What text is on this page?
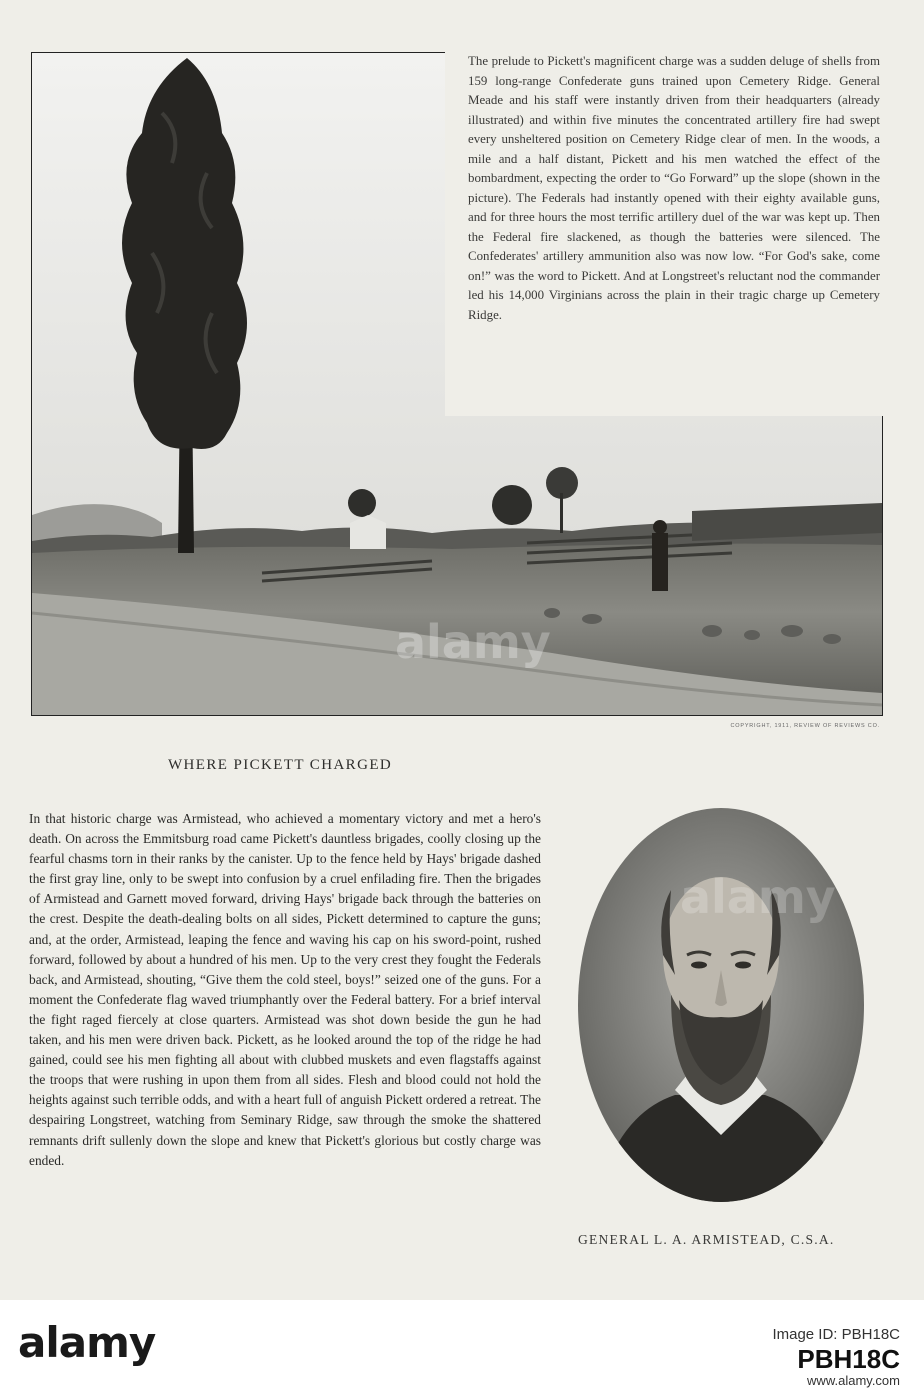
The prelude to Pickett's magnificent charge was a sudden deluge of shells from 159 long-range Confederate guns trained upon Cemetery Ridge. General Meade and his staff were instantly driven from their headquarters (already illustrated) and within five minutes the concentrated artillery fire had swept every unsheltered position on Cemetery Ridge clear of men. In the woods, a mile and a half distant, Pickett and his men watched the effect of the bombardment, expecting the order to “Go Forward” up the slope (shown in the picture). The Federals had instantly opened with their eighty available guns, and for three hours the most terrific artillery duel of the war was kept up. Then the Federal fire slackened, as though the batteries were silenced. The Confederates' artillery ammunition also was now low. “For God's sake, come on!” was the word to Pickett. And at Longstreet's reluctant nod the commander led his 14,000 Virginians across the plain in their tragic charge up Cemetery Ridge.

COPYRIGHT, 1911, REVIEW OF REVIEWS CO.
WHERE PICKETT CHARGED

In that historic charge was Armistead, who achieved a momentary victory and met a hero's death. On across the Emmitsburg road came Pickett's dauntless brigades, coolly closing up the fearful chasms torn in their ranks by the canister. Up to the fence held by Hays' brigade dashed the first gray line, only to be swept into confusion by a cruel enfilading fire. Then the brigades of Armistead and Garnett moved forward, driving Hays' brigade back through the batteries on the crest. Despite the death-dealing bolts on all sides, Pickett determined to capture the guns; and, at the order, Armistead, leaping the fence and waving his cap on his sword-point, rushed forward, followed by about a hundred of his men. Up to the very crest they fought the Federals back, and Armistead, shouting, “Give them the cold steel, boys!” seized one of the guns. For a moment the Confederate flag waved triumphantly over the Federal battery. For a brief interval the fight raged fiercely at close quarters. Armistead was shot down beside the gun he had taken, and his men were driven back. Pickett, as he looked around the top of the ridge he had gained, could see his men fighting all about with clubbed muskets and even flagstaffs against the troops that were rushing in upon them from all sides. Flesh and blood could not hold the heights against such terrible odds, and with a heart full of anguish Pickett ordered a retreat. The despairing Longstreet, watching from Seminary Ridge, saw through the smoke the shattered remnants drift sullenly down the slope and knew that Pickett's glorious but costly charge was ended.

GENERAL L. A. ARMISTEAD, C.S.A.

alamy
alamy
alamy	Image ID: PBH18C
PBH18C
www.alamy.com
